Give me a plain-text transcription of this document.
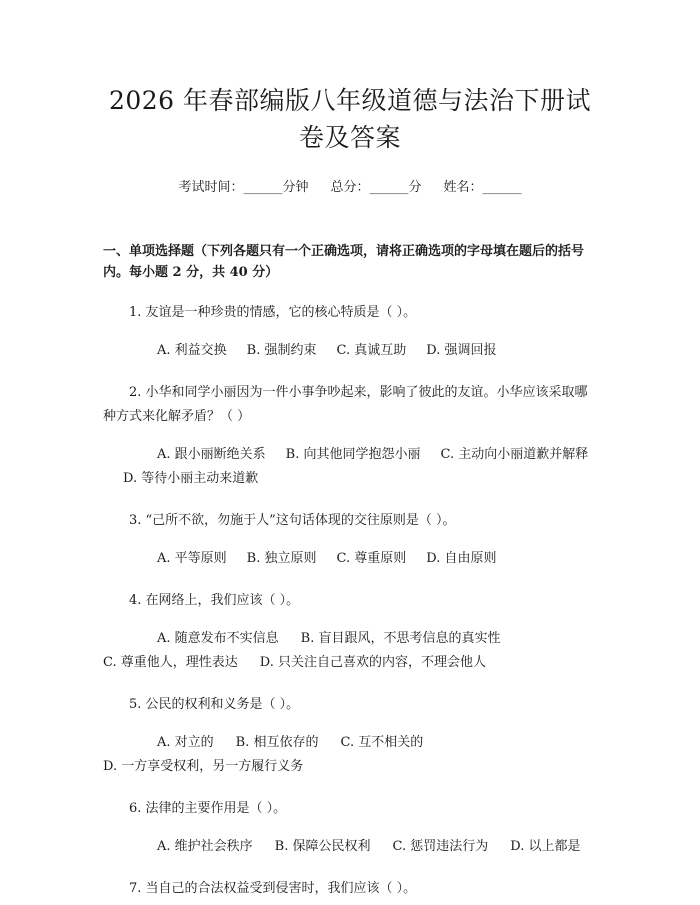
2026 年春部编版八年级道德与法治下册试卷及答案
考试时间：______分钟 总分：______分 姓名：______
一、单项选择题（下列各题只有一个正确选项，请将正确选项的字母填在题后的括号内。每小题 2 分，共 40 分）
1. 友谊是一种珍贵的情感，它的核心特质是（ ）。
A. 利益交换 B. 强制约束 C. 真诚互助 D. 强调回报
2. 小华和同学小丽因为一件小事争吵起来，影响了彼此的友谊。小华应该采取哪种方式来化解矛盾？（ ）
A. 跟小丽断绝关系 B. 向其他同学抱怨小丽 C. 主动向小丽道歉并解释D. 等待小丽主动来道歉
3. “己所不欲，勿施于人”这句话体现的交往原则是（ ）。
A. 平等原则 B. 独立原则 C. 尊重原则 D. 自由原则
4. 在网络上，我们应该（ ）。
A. 随意发布不实信息 B. 盲目跟风，不思考信息的真实性C. 尊重他人，理性表达 D. 只关注自己喜欢的内容，不理会他人
5. 公民的权利和义务是（ ）。
A. 对立的 B. 相互依存的 C. 互不相关的D. 一方享受权利，另一方履行义务
6. 法律的主要作用是（ ）。
A. 维护社会秩序 B. 保障公民权利 C. 惩罚违法行为 D. 以上都是
7. 当自己的合法权益受到侵害时，我们应该（ ）。
